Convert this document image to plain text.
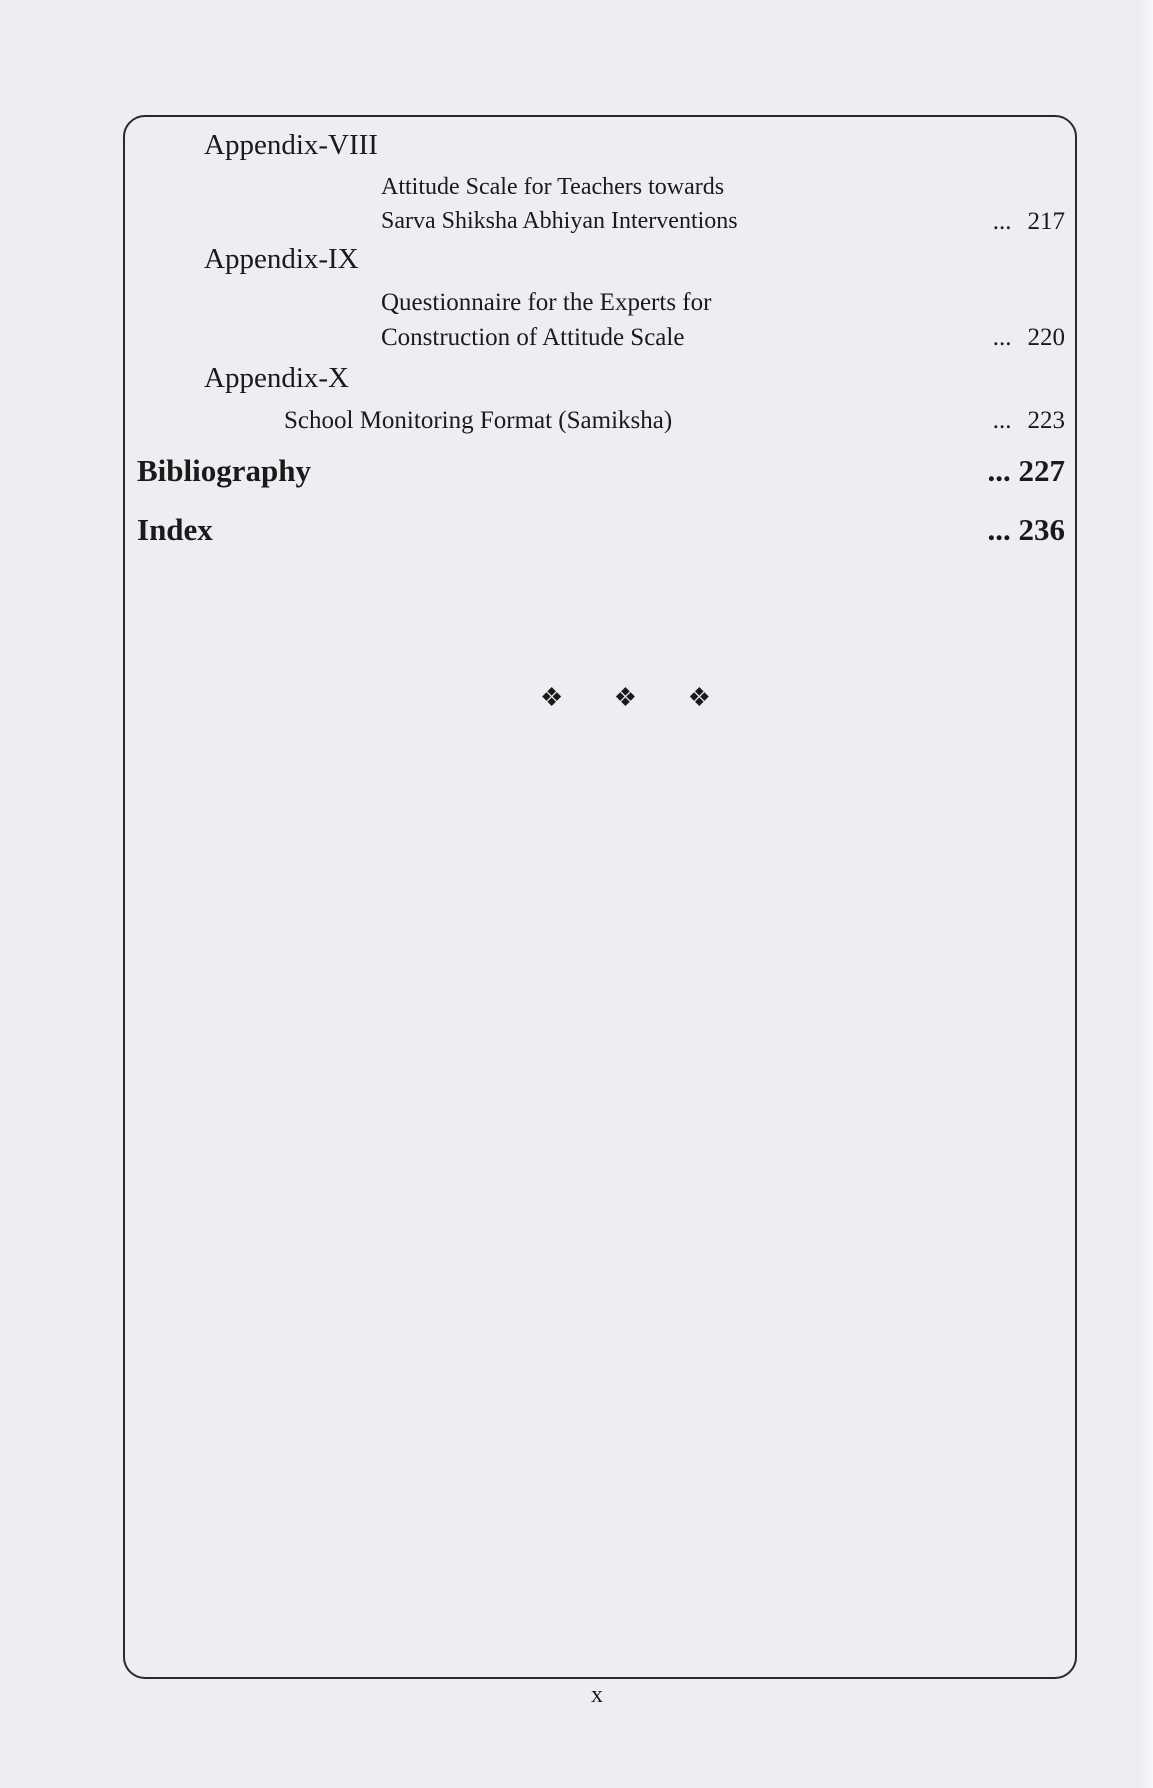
Appendix-VIII
Attitude Scale for Teachers towards
Sarva Shiksha Abhiyan Interventions	... 217
Appendix-IX
Questionnaire for the Experts for
Construction of Attitude Scale	... 220
Appendix-X
School Monitoring Format (Samiksha)	... 223
Bibliography	... 227
Index	... 236
❖ ❖ ❖
x
